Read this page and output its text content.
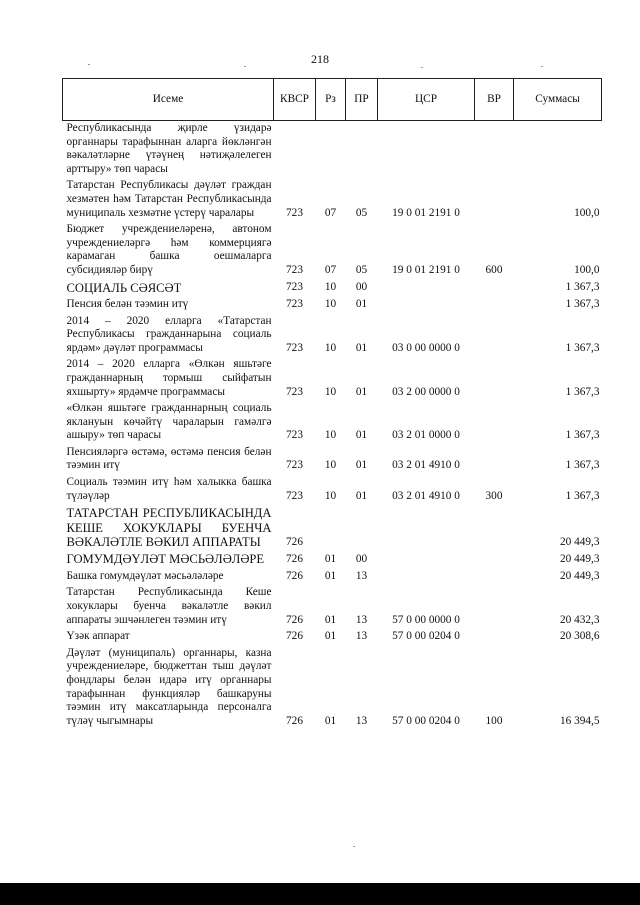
218
Исеме	КВСР	Рз	ПР	ЦСР	ВР	Суммасы
Республикасында җирле үзидарә органнары тарафыннан аларга йөкләнгән вәкаләтләрне үтәүнең нәтиҗәлелеген арттыру» төп чарасы						
Татарстан Республикасы дәүләт граждан хезмәтен һәм Татарстан Республикасында муниципаль хезмәтне үстерү чаралары	723	07	05	19 0 01 2191 0		100,0
Бюджет учреждениеләренә, автоном учреждениеләргә һәм коммерциягә карамаган башка оешмаларга субсидияләр бирү	723	07	05	19 0 01 2191 0	600	100,0
СОЦИАЛЬ СӘЯСӘТ	723	10	00			1 367,3
Пенсия белән тәэмин итү	723	10	01			1 367,3
2014 – 2020 елларга «Татарстан Республикасы гражданнарына социаль ярдәм» дәүләт программасы	723	10	01	03 0 00 0000 0		1 367,3
2014 – 2020 елларга «Өлкән яшьтәге гражданнарның тормыш сыйфатын яхшырту» ярдәмче программасы	723	10	01	03 2 00 0000 0		1 367,3
«Өлкән яшьтәге гражданнарның социаль яклануын көчәйтү чараларын гамәлгә ашыру» төп чарасы	723	10	01	03 2 01 0000 0		1 367,3
Пенсияләргә өстәмә, өстәмә пенсия белән тәэмин итү	723	10	01	03 2 01 4910 0		1 367,3
Социаль тәэмин итү һәм халыкка башка түләүләр	723	10	01	03 2 01 4910 0	300	1 367,3
ТАТАРСТАН РЕСПУБЛИКАСЫНДА КЕШЕ ХОКУКЛАРЫ БУЕНЧА ВӘКАЛӘТЛЕ ВӘКИЛ АППАРАТЫ	726					20 449,3
ГОМУМДӘҮЛӘТ МӘСЬӘЛӘЛӘРЕ	726	01	00			20 449,3
Башка гомумдәүләт мәсьәләләре	726	01	13			20 449,3
Татарстан Республикасында Кеше хокуклары буенча вәкаләтле вәкил аппараты эшчәнлеген тәэмин итү	726	01	13	57 0 00 0000 0		20 432,3
Үзәк аппарат	726	01	13	57 0 00 0204 0		20 308,6
Дәүләт (муниципаль) органнары, казна учреждениеләре, бюджеттан тыш дәүләт фондлары белән идарә итү органнары тарафыннан функцияләр башкаруны тәэмин итү максатларында персоналга түләү чыгымнары	726	01	13	57 0 00 0204 0	100	16 394,5
